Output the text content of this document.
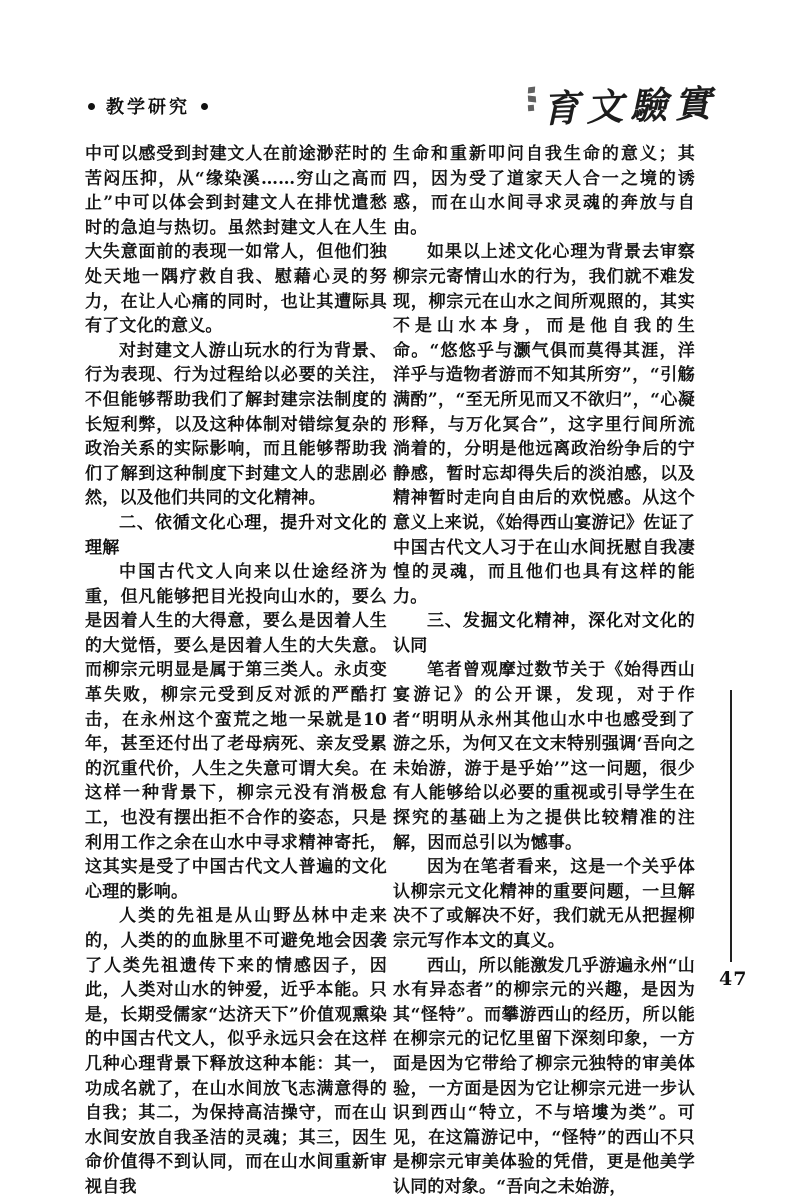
教学研究	育文驗實

中可以感受到封建文人在前途渺茫时的苦闷压抑，从“缘染溪……穷山之高而止”中可以体会到封建文人在排忧遣愁时的急迫与热切。虽然封建文人在人生大失意面前的表现一如常人，但他们独处天地一隅疗救自我、慰藉心灵的努力，在让人心痛的同时，也让其遭际具有了文化的意义。

对封建文人游山玩水的行为背景、行为表现、行为过程给以必要的关注，不但能够帮助我们了解封建宗法制度的长短利弊，以及这种体制对错综复杂的政治关系的实际影响，而且能够帮助我们了解到这种制度下封建文人的悲剧必然，以及他们共同的文化精神。

二、依循文化心理，提升对文化的理解

中国古代文人向来以仕途经济为重，但凡能够把目光投向山水的，要么是因着人生的大得意，要么是因着人生的大觉悟，要么是因着人生的大失意。而柳宗元明显是属于第三类人。永贞变革失败，柳宗元受到反对派的严酷打击，在永州这个蛮荒之地一呆就是10年，甚至还付出了老母病死、亲友受累的沉重代价，人生之失意可谓大矣。在这样一种背景下，柳宗元没有消极怠工，也没有摆出拒不合作的姿态，只是利用工作之余在山水中寻求精神寄托，这其实是受了中国古代文人普遍的文化心理的影响。

人类的先祖是从山野丛林中走来的，人类的的血脉里不可避免地会因袭了人类先祖遗传下来的情感因子，因此，人类对山水的钟爱，近乎本能。只是，长期受儒家“达济天下”价值观熏染的中国古代文人，似乎永远只会在这样几种心理背景下释放这种本能：其一，功成名就了，在山水间放飞志满意得的自我；其二，为保持高洁操守，而在山水间安放自我圣洁的灵魂；其三，因生命价值得不到认同，而在山水间重新审视自我

生命和重新叩问自我生命的意义；其四，因为受了道家天人合一之境的诱惑，而在山水间寻求灵魂的奔放与自由。

如果以上述文化心理为背景去审察柳宗元寄情山水的行为，我们就不难发现，柳宗元在山水之间所观照的，其实不是山水本身，而是他自我的生命。“悠悠乎与灏气俱而莫得其涯，洋洋乎与造物者游而不知其所穷”，“引觞满酌”，“至无所见而又不欲归”，“心凝形释，与万化冥合”，这字里行间所流淌着的，分明是他远离政治纷争后的宁静感，暂时忘却得失后的淡泊感，以及精神暂时走向自由后的欢悦感。从这个意义上来说，《始得西山宴游记》佐证了中国古代文人习于在山水间抚慰自我凄惶的灵魂，而且他们也具有这样的能力。

三、发掘文化精神，深化对文化的认同

笔者曾观摩过数节关于《始得西山宴游记》的公开课，发现，对于作者“明明从永州其他山水中也感受到了游之乐，为何又在文末特别强调‘吾向之未始游，游于是乎始’”这一问题，很少有人能够给以必要的重视或引导学生在探究的基础上为之提供比较精准的注解，因而总引以为憾事。

因为在笔者看来，这是一个关乎体认柳宗元文化精神的重要问题，一旦解决不了或解决不好，我们就无从把握柳宗元写作本文的真义。

西山，所以能激发几乎游遍永州“山水有异态者”的柳宗元的兴趣，是因为其“怪特”。而攀游西山的经历，所以能在柳宗元的记忆里留下深刻印象，一方面是因为它带给了柳宗元独特的审美体验，一方面是因为它让柳宗元进一步认识到西山“特立，不与培塿为类”。可见，在这篇游记中，“怪特”的西山不只是柳宗元审美体验的凭借，更是他美学认同的对象。“吾向之未始游，

47
